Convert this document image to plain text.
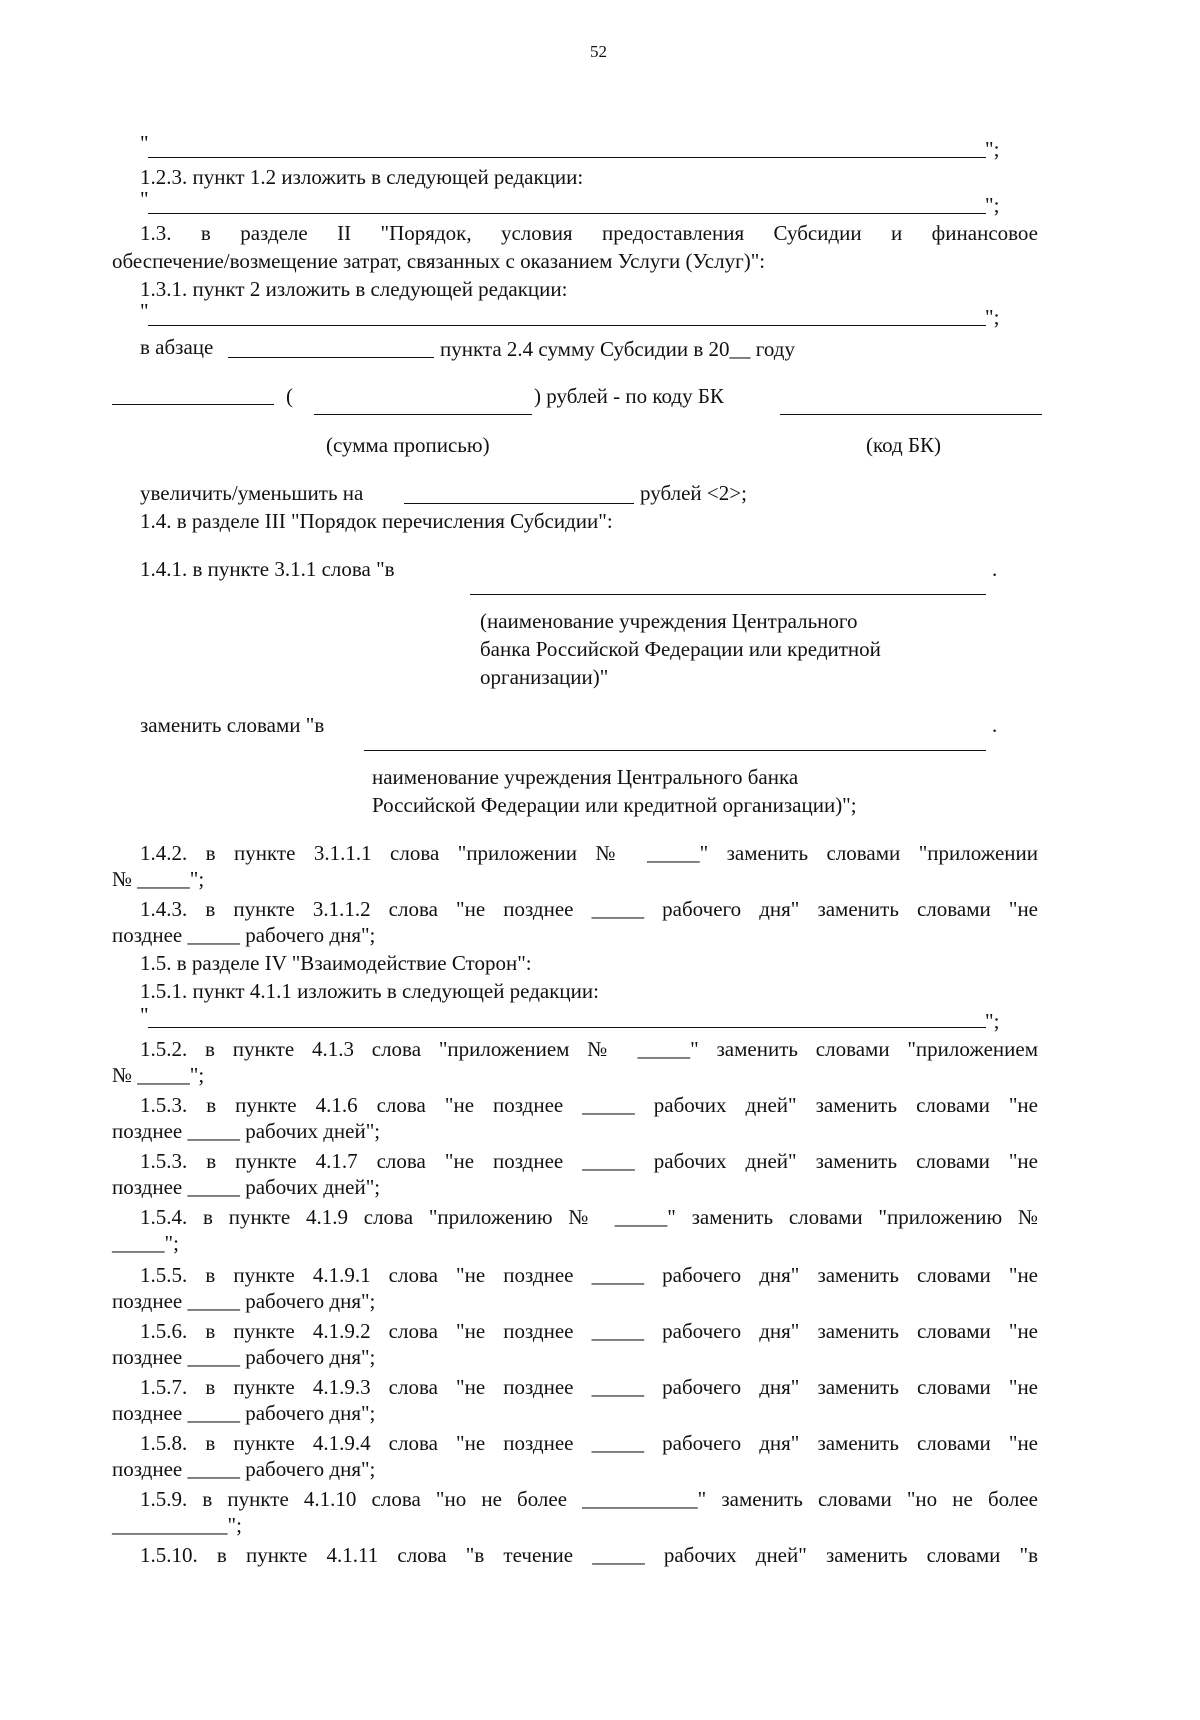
52
"	";
1.2.3. пункт 1.2 изложить в следующей редакции:
"	";
1.3. в разделе II "Порядок, условия предоставления Субсидии и финансовое
обеспечение/возмещение затрат, связанных с оказанием Услуги (Услуг)":
1.3.1. пункт 2 изложить в следующей редакции:
"	";
в абзаце	пункта 2.4 сумму Субсидии в 20__ году
(	) рублей - по коду БК
(сумма прописью)	(код БК)
увеличить/уменьшить на	рублей <2>;
1.4. в разделе III "Порядок перечисления Субсидии":
1.4.1. в пункте 3.1.1 слова "в	.
(наименование учреждения Центрального
банка Российской Федерации или кредитной
организации)"
заменить словами "в	.
наименование учреждения Центрального банка
Российской Федерации или кредитной организации)";
1.4.2. в пункте 3.1.1.1 слова "приложении № _____" заменить словами "приложении
№ _____";
1.4.3. в пункте 3.1.1.2 слова "не позднее _____ рабочего дня" заменить словами "не
позднее _____ рабочего дня";
1.5. в разделе IV "Взаимодействие Сторон":
1.5.1. пункт 4.1.1 изложить в следующей редакции:
"	";
1.5.2. в пункте 4.1.3 слова "приложением № _____" заменить словами "приложением
№ _____";
1.5.3. в пункте 4.1.6 слова "не позднее _____ рабочих дней" заменить словами "не
позднее _____ рабочих дней";
1.5.3. в пункте 4.1.7 слова "не позднее _____ рабочих дней" заменить словами "не
позднее _____ рабочих дней";
1.5.4. в пункте 4.1.9 слова "приложению № _____" заменить словами "приложению №
_____";
1.5.5. в пункте 4.1.9.1 слова "не позднее _____ рабочего дня" заменить словами "не
позднее _____ рабочего дня";
1.5.6. в пункте 4.1.9.2 слова "не позднее _____ рабочего дня" заменить словами "не
позднее _____ рабочего дня";
1.5.7. в пункте 4.1.9.3 слова "не позднее _____ рабочего дня" заменить словами "не
позднее _____ рабочего дня";
1.5.8. в пункте 4.1.9.4 слова "не позднее _____ рабочего дня" заменить словами "не
позднее _____ рабочего дня";
1.5.9. в пункте 4.1.10 слова "но не более ___________" заменить словами "но не более
___________";
1.5.10. в пункте 4.1.11 слова "в течение _____ рабочих дней" заменить словами "в
